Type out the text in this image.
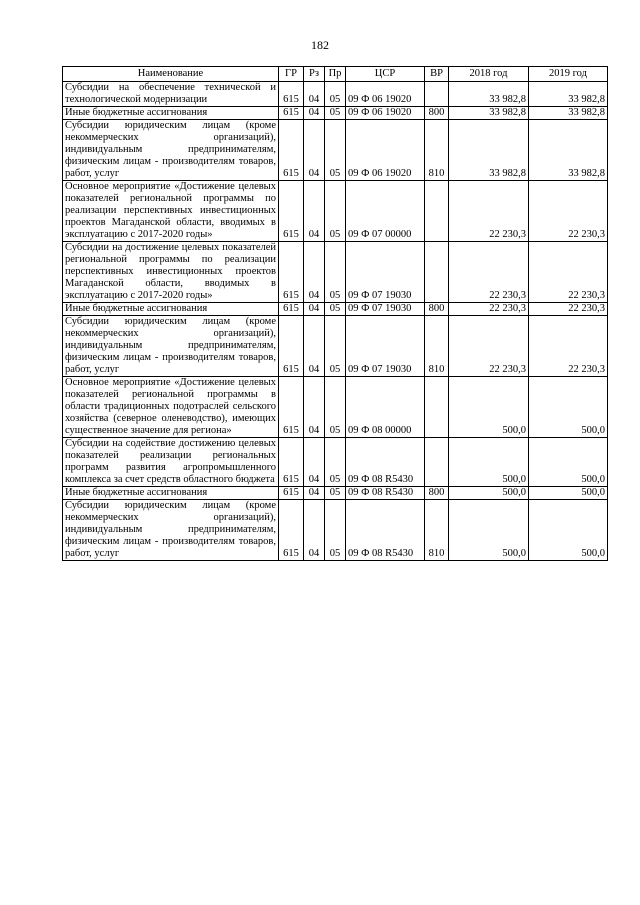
182
Наименование	ГР	Рз	Пр	ЦСР	ВР	2018 год	2019 год
Субсидии на обеспечение технической и технологической модернизации	615	04	05	09 Ф 06 19020		33 982,8	33 982,8
Иные бюджетные ассигнования	615	04	05	09 Ф 06 19020	800	33 982,8	33 982,8
Субсидии юридическим лицам (кроме некоммерческих организаций), индивидуальным предпринимателям, физическим лицам - производителям товаров, работ, услуг	615	04	05	09 Ф 06 19020	810	33 982,8	33 982,8
Основное мероприятие «Достижение целевых показателей региональной программы по реализации перспективных инвестиционных проектов Магаданской области, вводимых в эксплуатацию с 2017-2020 годы»	615	04	05	09 Ф 07 00000		22 230,3	22 230,3
Субсидии на достижение целевых показателей региональной программы по реализации перспективных инвестиционных проектов Магаданской области, вводимых в эксплуатацию с 2017-2020 годы»	615	04	05	09 Ф 07 19030		22 230,3	22 230,3
Иные бюджетные ассигнования	615	04	05	09 Ф 07 19030	800	22 230,3	22 230,3
Субсидии юридическим лицам (кроме некоммерческих организаций), индивидуальным предпринимателям, физическим лицам - производителям товаров, работ, услуг	615	04	05	09 Ф 07 19030	810	22 230,3	22 230,3
Основное мероприятие «Достижение целевых показателей региональной программы в области традиционных подотраслей сельского хозяйства (северное оленеводство), имеющих существенное значение для региона»	615	04	05	09 Ф 08 00000		500,0	500,0
Субсидии на содействие достижению целевых показателей реализации региональных программ развития агропромышленного комплекса за счет средств областного бюджета	615	04	05	09 Ф 08 R5430		500,0	500,0
Иные бюджетные ассигнования	615	04	05	09 Ф 08 R5430	800	500,0	500,0
Субсидии юридическим лицам (кроме некоммерческих организаций), индивидуальным предпринимателям, физическим лицам - производителям товаров, работ, услуг	615	04	05	09 Ф 08 R5430	810	500,0	500,0
